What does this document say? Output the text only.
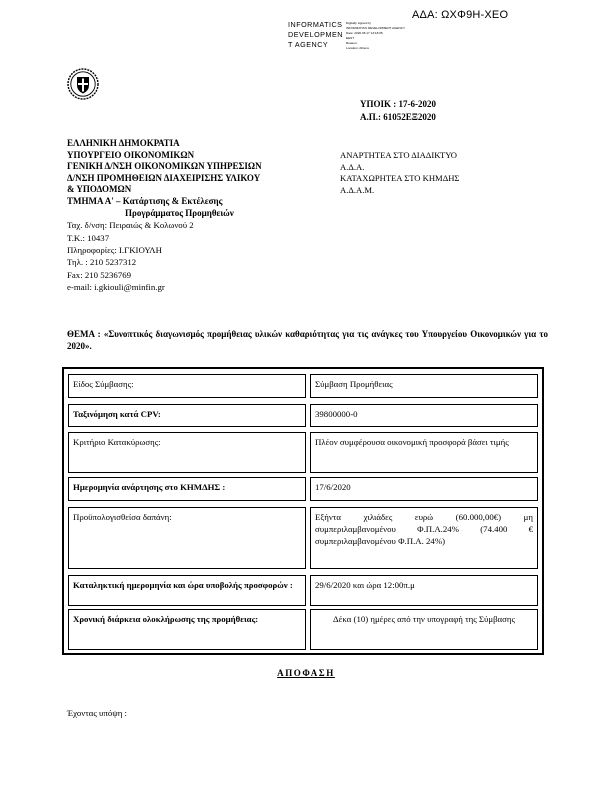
ΑΔΑ: ΩΧΦ9Η-ΧΕΟ
INFORMATICS
DEVELOPMEN
T AGENCY
Digitally signed by
INFORMATICS DEVELOPMENT AGENCY
Date: 2020.06.17 13:18:05
EEST
Reason:
Location: Athens
ΥΠΟΙΚ : 17-6-2020
Α.Π.: 61052ΕΞ2020
ΕΛΛΗΝΙΚΗ ΔΗΜΟΚΡΑΤΙΑ
ΥΠΟΥΡΓΕΙΟ ΟΙΚΟΝΟΜΙΚΩΝ
ΓΕΝΙΚΗ Δ/ΝΣΗ ΟΙΚΟΝΟΜΙΚΩΝ ΥΠΗΡΕΣΙΩΝ
Δ/ΝΣΗ ΠΡΟΜΗΘΕΙΩΝ ΔΙΑΧΕΙΡΙΣΗΣ ΥΛΙΚΟΥ
& ΥΠΟΔΟΜΩΝ
ΤΜΗΜΑ Α' – Κατάρτισης & Εκτέλεσης
Προγράμματος Προμηθειών
Ταχ. δ/νση: Πειραιώς & Κολωνού 2
Τ.Κ.: 10437
Πληροφορίες: Ι.ΓΚΙΟΥΛΗ
Τηλ. : 210 5237312
Fax: 210 5236769
e-mail: i.gkiouli@minfin.gr
ΑΝΑΡΤΗΤΕΑ ΣΤΟ ΔΙΑΔΙΚΤΥΟ
Α.Δ.Α.
ΚΑΤΑΧΩΡΗΤΕΑ ΣΤΟ ΚΗΜΔΗΣ
Α.Δ.Α.Μ.
ΘΕΜΑ : «Συνοπτικός διαγωνισμός προμήθειας υλικών καθαριότητας για τις ανάγκες του Υπουργείου Οικονομικών για το 2020».
Είδος Σύμβασης:	Σύμβαση Προμήθειας
Ταξινόμηση κατά CPV:	39800000-0
Κριτήριο Κατακύρωσης:	Πλέον συμφέρουσα οικονομική προσφορά βάσει τιμής
Ημερομηνία ανάρτησης στο ΚΗΜΔΗΣ :	17/6/2020
Προϋπολογισθείσα δαπάνη:	Εξήντα χιλιάδες ευρώ (60.000,00€) μη συμπεριλαμβανομένου Φ.Π.Α.24% (74.400 € συμπεριλαμβανομένου Φ.Π.Α. 24%)
Καταληκτική ημερομηνία και ώρα υποβολής προσφορών :	29/6/2020 και ώρα 12:00π.μ
Χρονική διάρκεια ολοκλήρωσης της προμήθειας:	Δέκα (10) ημέρες από την υπογραφή της Σύμβασης
ΑΠΟΦΑΣΗ
Έχοντας υπόψη :
